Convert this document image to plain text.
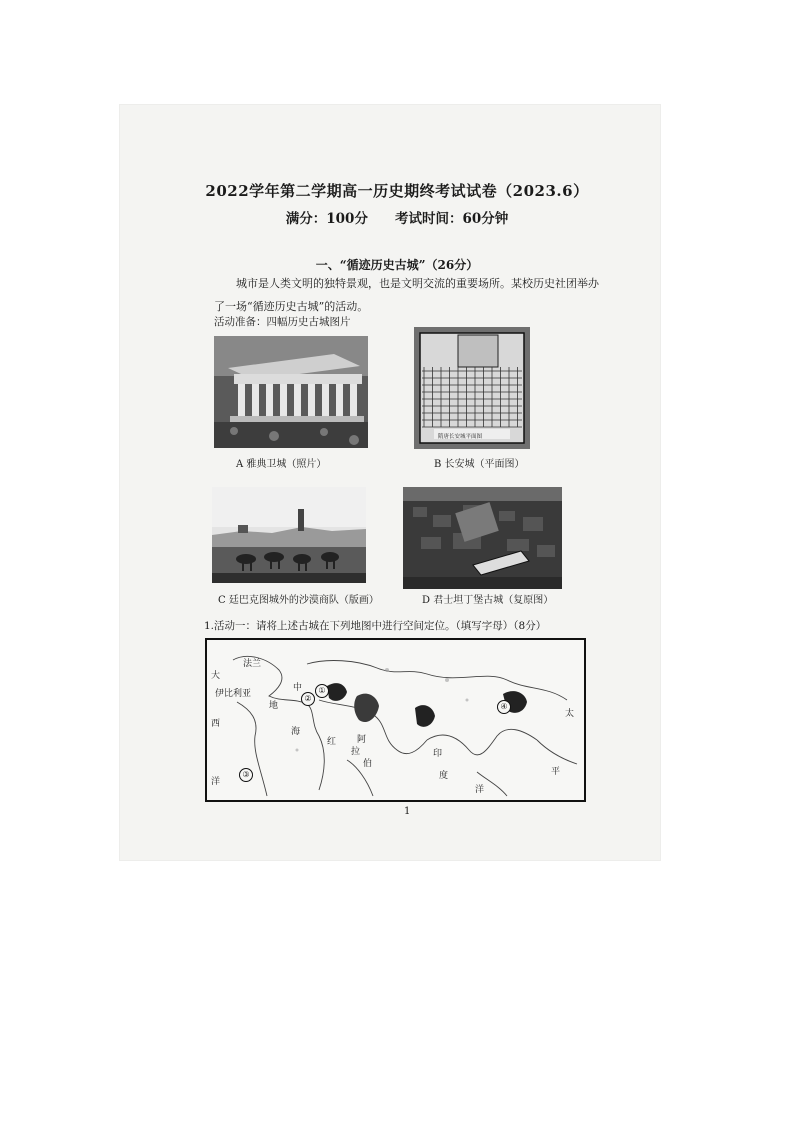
2022学年第二学期高一历史期终考试试卷（2023.6）
满分：100分　　考试时间：60分钟
一、“循迹历史古城”（26分）
城市是人类文明的独特景观，也是文明交流的重要场所。某校历史社团举办了一场“循迹历史古城”的活动。
活动准备：四幅历史古城图片
A 雅典卫城（照片）
隋唐长安城平面图
B 长安城（平面图）
C 廷巴克图城外的沙漠商队（版画）	D 君士坦丁堡古城（复原图）
1.活动一：请将上述古城在下列地图中进行空间定位。（填写字母）（8分）
大
西
洋
伊比利亚
法兰
地
中
海
红 阿
拉
伯
印
度
洋
太
平
①
②
③
④
1
